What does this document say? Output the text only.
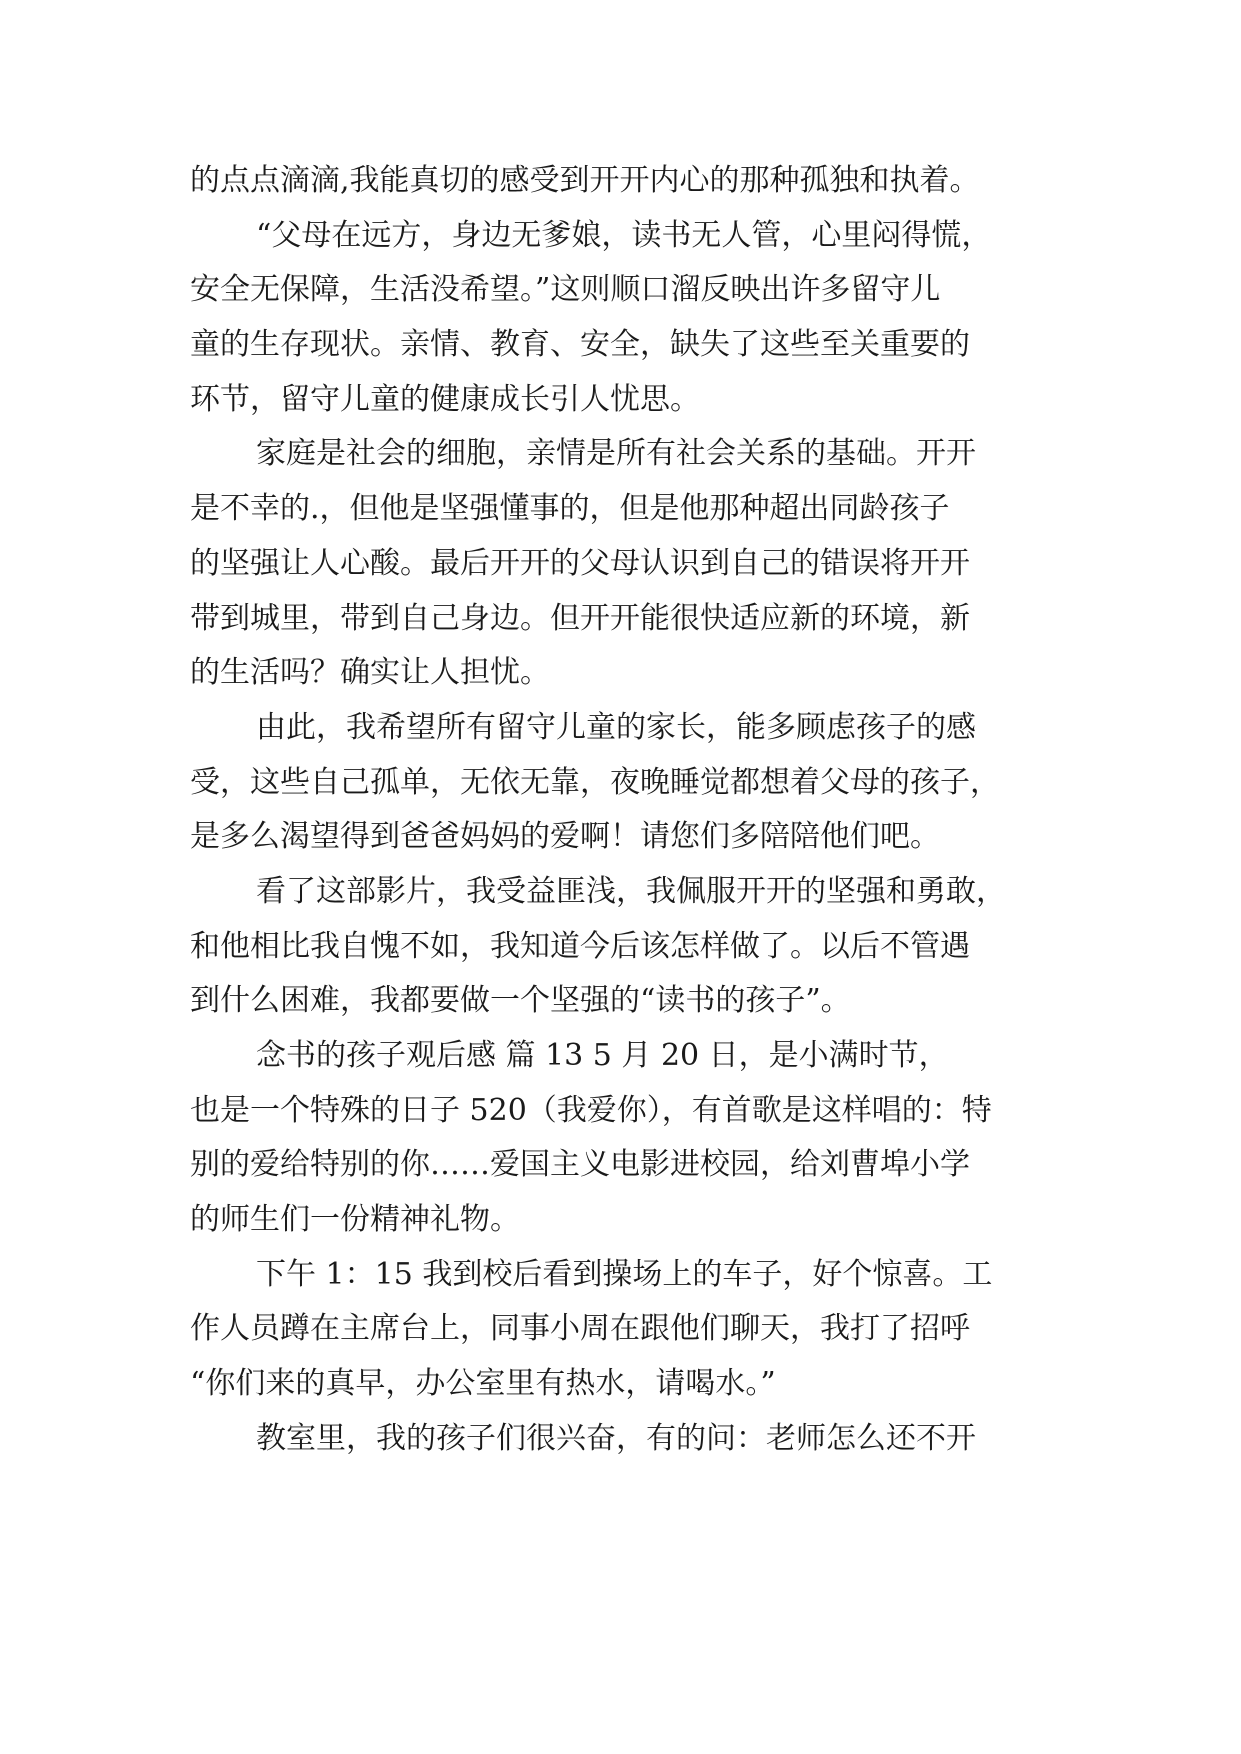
的点点滴滴,我能真切的感受到开开内心的那种孤独和执着。
“父母在远方，身边无爹娘，读书无人管，心里闷得慌，
安全无保障，生活没希望。”这则顺口溜反映出许多留守儿
童的生存现状。亲情、教育、安全，缺失了这些至关重要的
环节，留守儿童的健康成长引人忧思。
家庭是社会的细胞，亲情是所有社会关系的基础。开开
是不幸的.，但他是坚强懂事的，但是他那种超出同龄孩子
的坚强让人心酸。最后开开的父母认识到自己的错误将开开
带到城里，带到自己身边。但开开能很快适应新的环境，新
的生活吗？确实让人担忧。
由此，我希望所有留守儿童的家长，能多顾虑孩子的感
受，这些自己孤单，无依无靠，夜晚睡觉都想着父母的孩子，
是多么渴望得到爸爸妈妈的爱啊！请您们多陪陪他们吧。
看了这部影片，我受益匪浅，我佩服开开的坚强和勇敢，
和他相比我自愧不如，我知道今后该怎样做了。以后不管遇
到什么困难，我都要做一个坚强的“读书的孩子”。
念书的孩子观后感 篇 13 5 月 20 日，是小满时节，
也是一个特殊的日子 520（我爱你），有首歌是这样唱的：特
别的爱给特别的你……爱国主义电影进校园，给刘曹埠小学
的师生们一份精神礼物。
下午 1：15 我到校后看到操场上的车子，好个惊喜。工
作人员蹲在主席台上，同事小周在跟他们聊天，我打了招呼
“你们来的真早，办公室里有热水，请喝水。”
教室里，我的孩子们很兴奋，有的问：老师怎么还不开
